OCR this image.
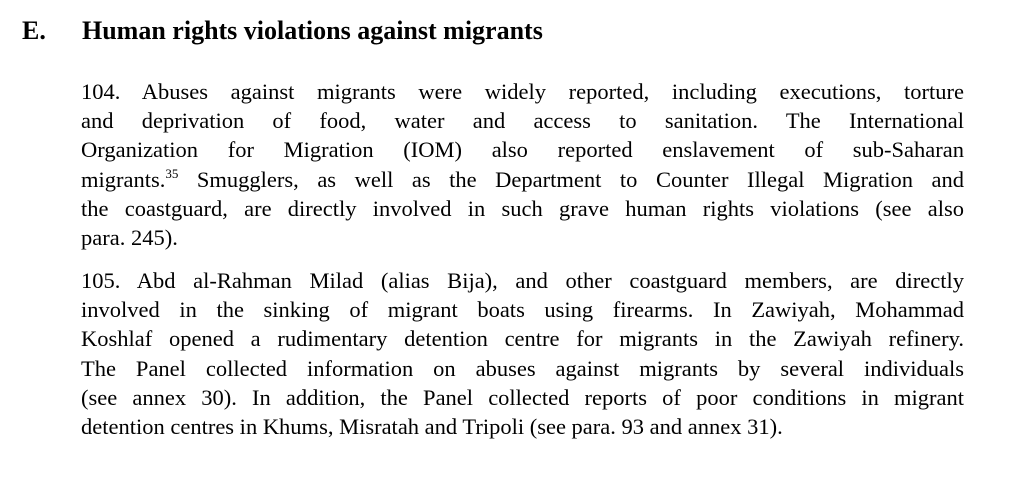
E. Human rights violations against migrants
104. Abuses against migrants were widely reported, including executions, torture
and deprivation of food, water and access to sanitation. The International
Organization for Migration (IOM) also reported enslavement of sub-Saharan
migrants.$^{35}$ Smugglers, as well as the Department to Counter Illegal Migration and
the coastguard, are directly involved in such grave human rights violations (see also
para. 245).
105. Abd al-Rahman Milad (alias Bija), and other coastguard members, are directly
involved in the sinking of migrant boats using firearms. In Zawiyah, Mohammad
Koshlaf opened a rudimentary detention centre for migrants in the Zawiyah refinery.
The Panel collected information on abuses against migrants by several individuals
(see annex 30). In addition, the Panel collected reports of poor conditions in migrant
detention centres in Khums, Misratah and Tripoli (see para. 93 and annex 31).
